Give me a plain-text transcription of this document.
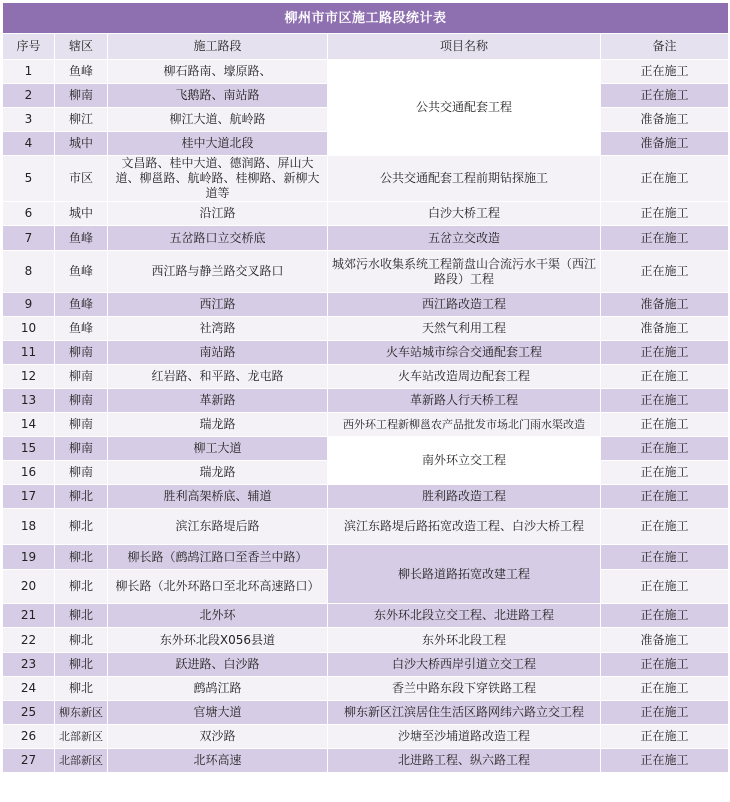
柳州市市区施工路段统计表				
序号	辖区	施工路段	项目名称	备注
1	鱼峰	柳石路南、壕原路、	公共交通配套工程	正在施工
2	柳南	飞鹅路、南站路		正在施工
3	柳江	柳江大道、航岭路		准备施工
4	城中	桂中大道北段		准备施工
5	市区	文昌路、桂中大道、德润路、屏山大道、柳邕路、航岭路、桂柳路、新柳大道等	公共交通配套工程前期钻探施工	正在施工
6	城中	沿江路	白沙大桥工程	正在施工
7	鱼峰	五岔路口立交桥底	五岔立交改造	正在施工
8	鱼峰	西江路与静兰路交叉路口	城郊污水收集系统工程箭盘山合流污水干渠（西江路段）工程	正在施工
9	鱼峰	西江路	西江路改造工程	准备施工
10	鱼峰	社湾路	天然气利用工程	准备施工
11	柳南	南站路	火车站城市综合交通配套工程	正在施工
12	柳南	红岩路、和平路、龙屯路	火车站改造周边配套工程	正在施工
13	柳南	革新路	革新路人行天桥工程	正在施工
14	柳南	瑞龙路	西外环工程新柳邕农产品批发市场北门雨水渠改造	正在施工
15	柳南	柳工大道	南外环立交工程	正在施工
16	柳南	瑞龙路		正在施工
17	柳北	胜利高架桥底、辅道	胜利路改造工程	正在施工
18	柳北	滨江东路堤后路	滨江东路堤后路拓宽改造工程、白沙大桥工程	正在施工
19	柳北	柳长路（鹧鸪江路口至香兰中路）	柳长路道路拓宽改建工程	正在施工
20	柳北	柳长路（北外环路口至北环高速路口）		正在施工
21	柳北	北外环	东外环北段立交工程、北进路工程	正在施工
22	柳北	东外环北段X056县道	东外环北段工程	准备施工
23	柳北	跃进路、白沙路	白沙大桥西岸引道立交工程	正在施工
24	柳北	鹧鸪江路	香兰中路东段下穿铁路工程	正在施工
25	柳东新区	官塘大道	柳东新区江滨居住生活区路网纬六路立交工程	正在施工
26	北部新区	双沙路	沙塘至沙埔道路改造工程	正在施工
27	北部新区	北环高速	北进路工程、纵六路工程	正在施工
